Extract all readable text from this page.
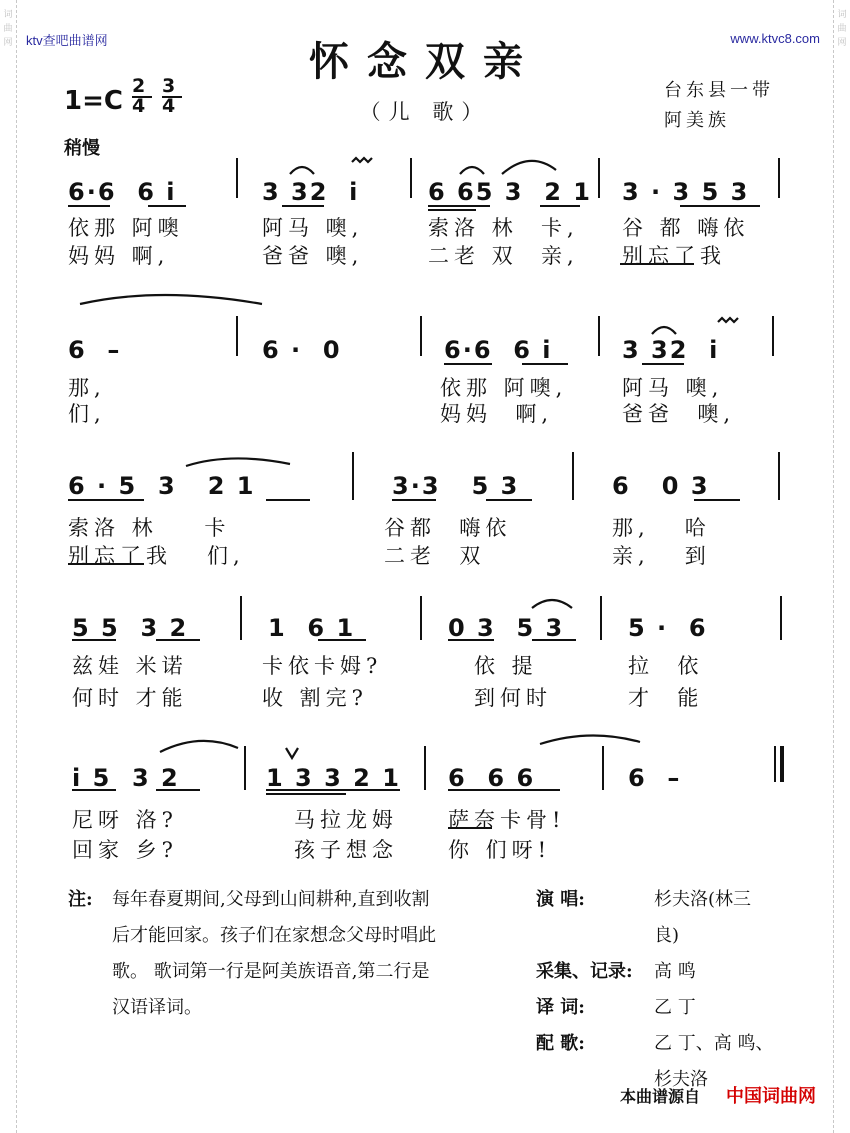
词曲网
词曲网
ktv查吧曲谱网	www.ktvc8.com
怀念双亲
（儿 歌）
1=C 2
4
3
4
台东县一带
阿美族
稍慢
6·6  6 i	3 32  i	6 65 3  2 1 3 · 3 5 3
依那 阿噢	阿马 噢,	索洛 林  卡, 谷 都 嗨依
妈妈 啊,	爸爸 噢,	二老 双  亲, 别忘了我
6  –	6 ·  0	6·6  6 i	3 32  i
那,	依那 阿噢,	阿马 噢,
们,	妈妈  啊,	爸爸  噢,
6 · 5  3   2 1	3·3   5 3	6   0 3
索洛 林    卡	谷都  嗨依	那,   哈
别忘了我   们,	二老  双	亲,   到
5 5  3 2	1  6 1	0 3  5 3	5 ·  6
兹娃 米诺	卡依卡姆?	依 提	拉  依
何时 才能	收 割完?	到何时	才  能
i 5  3 2	1 3 3 2 1 6  6 6	6  –
尼呀 洛?	马拉龙姆 萨奈卡骨!
回家 乡?	孩子想念 你 们呀!
注:	每年春夏期间,父母到山间耕种,直到收割
后才能回家。孩子们在家想念父母时唱此
歌。 歌词第一行是阿美族语音,第二行是
汉语译词。
演 唱:	杉夫洛(林三
良)
采集、记录:	高 鸣
译 词:	乙 丁
配 歌:	乙 丁、高 鸣、
杉夫洛
本曲谱源自 中国词曲网
